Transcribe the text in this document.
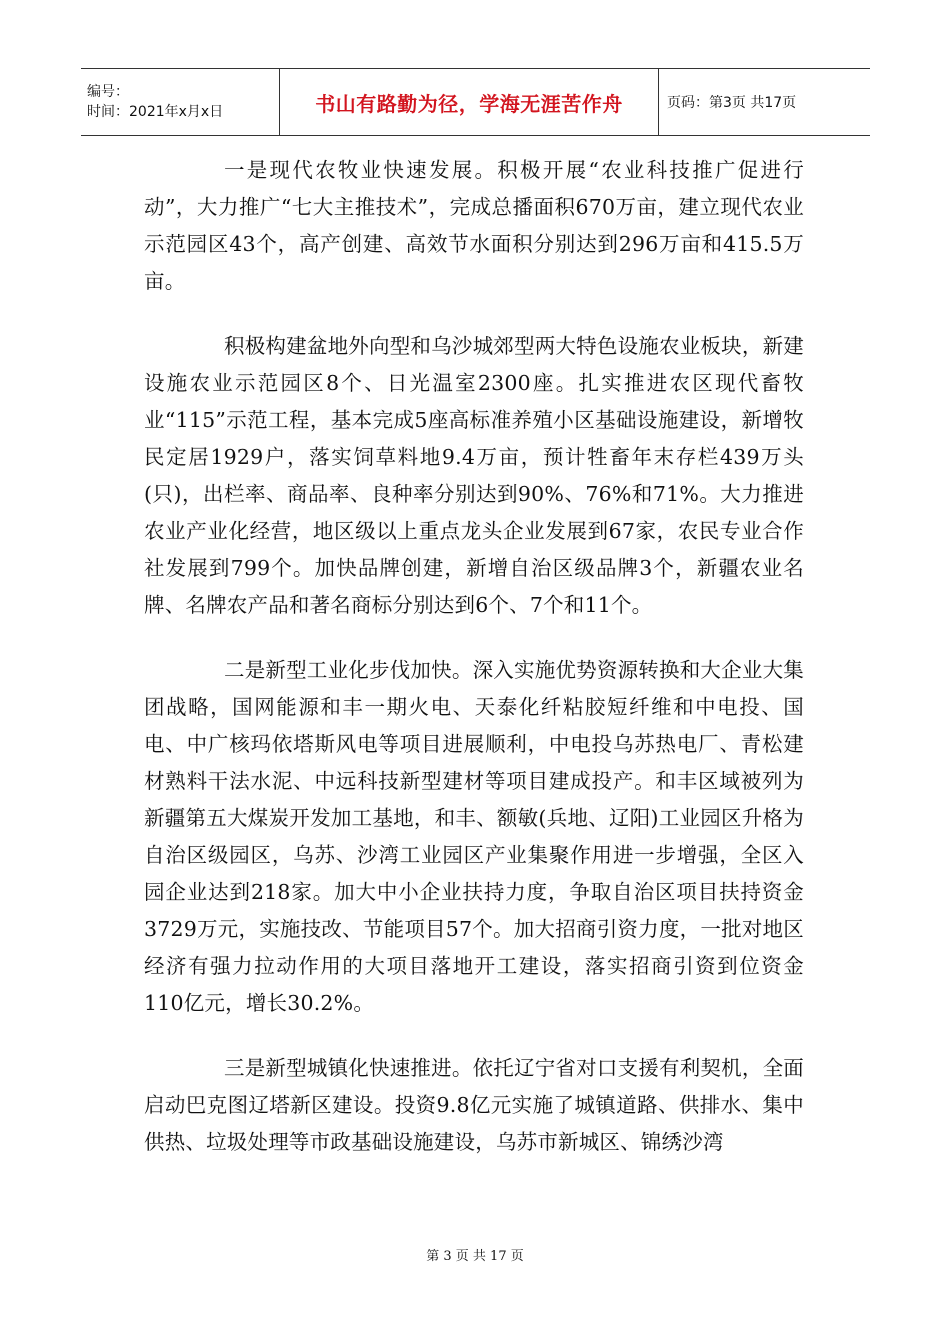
编号：
时间：2021年x月x日	书山有路勤为径，学海无涯苦作舟	页码：第3页 共17页

一是现代农牧业快速发展。积极开展“农业科技推广促进行动”，大力推广“七大主推技术”，完成总播面积670万亩，建立现代农业示范园区43个，高产创建、高效节水面积分别达到296万亩和415.5万亩。

积极构建盆地外向型和乌沙城郊型两大特色设施农业板块，新建设施农业示范园区8个、日光温室2300座。扎实推进农区现代畜牧业“115”示范工程，基本完成5座高标准养殖小区基础设施建设，新增牧民定居1929户，落实饲草料地9.4万亩，预计牲畜年末存栏439万头(只)，出栏率、商品率、良种率分别达到90%、76%和71%。大力推进农业产业化经营，地区级以上重点龙头企业发展到67家，农民专业合作社发展到799个。加快品牌创建，新增自治区级品牌3个，新疆农业名牌、名牌农产品和著名商标分别达到6个、7个和11个。

二是新型工业化步伐加快。深入实施优势资源转换和大企业大集团战略，国网能源和丰一期火电、天泰化纤粘胶短纤维和中电投、国电、中广核玛依塔斯风电等项目进展顺利，中电投乌苏热电厂、青松建材熟料干法水泥、中远科技新型建材等项目建成投产。和丰区域被列为新疆第五大煤炭开发加工基地，和丰、额敏(兵地、辽阳)工业园区升格为自治区级园区，乌苏、沙湾工业园区产业集聚作用进一步增强，全区入园企业达到218家。加大中小企业扶持力度，争取自治区项目扶持资金3729万元，实施技改、节能项目57个。加大招商引资力度，一批对地区经济有强力拉动作用的大项目落地开工建设，落实招商引资到位资金110亿元，增长30.2%。

三是新型城镇化快速推进。依托辽宁省对口支援有利契机，全面启动巴克图辽塔新区建设。投资9.8亿元实施了城镇道路、供排水、集中供热、垃圾处理等市政基础设施建设，乌苏市新城区、锦绣沙湾

第 3 页 共 17 页
